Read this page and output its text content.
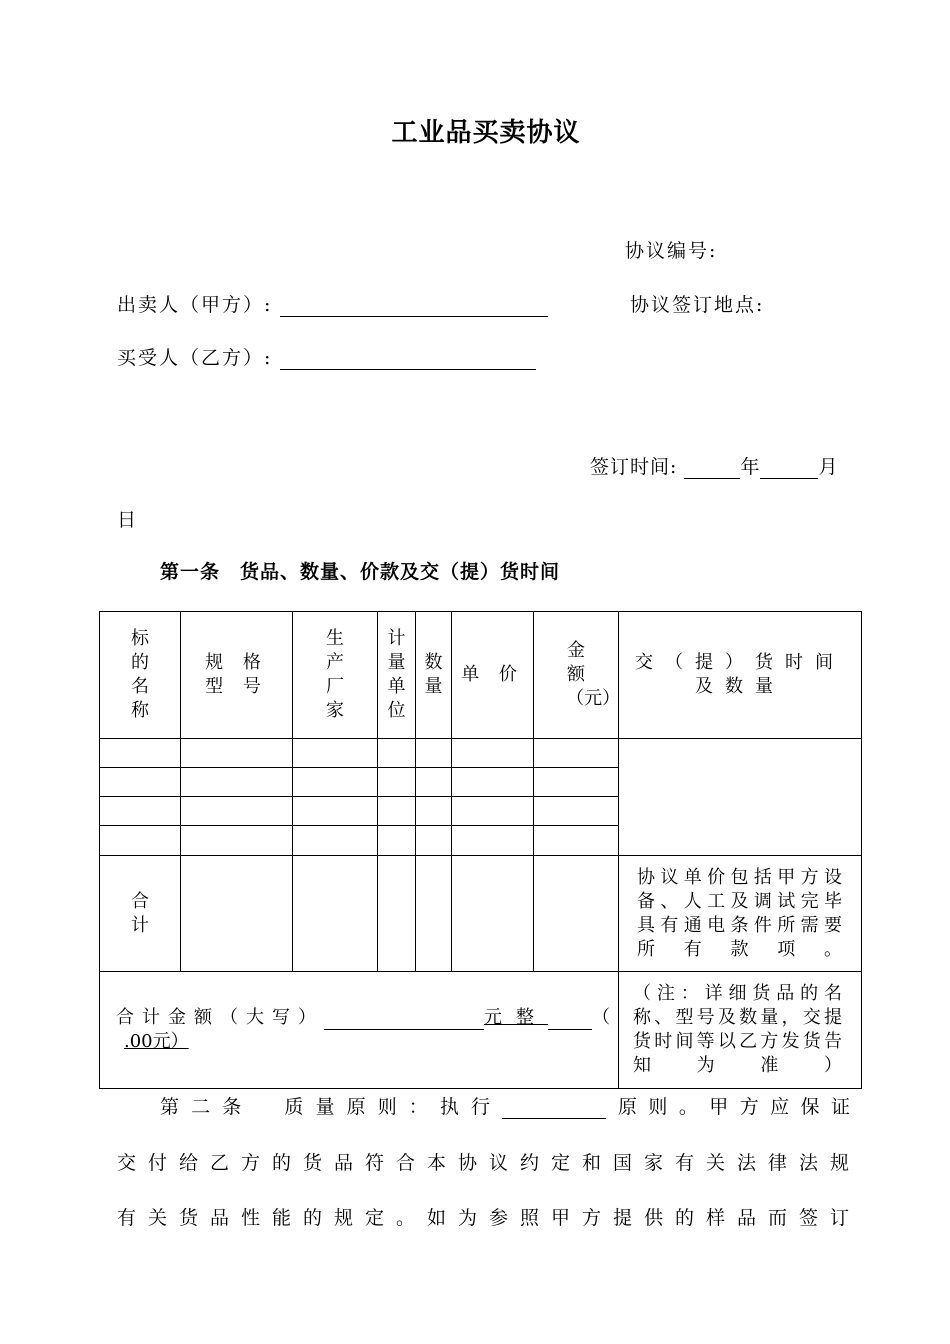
工业品买卖协议
协议编号:
出卖人（甲方）:	协议签订地点:
买受人（乙方）:
签订时间:	年	月
日
第一条　货品、数量、价款及交（提）货时间
标的名称	规 格 型 号	生产厂家	计量单位	数量	单 价	金额（元）	交（提）货时间及数量

合计							协议单价包括甲方设备、人工及调试完毕具有通电条件所需要所有款项。

合计金额（大写） 元整 （
.00元）							（注：详细货品的名称、型号及数量，交提货时间等以乙方发货告知为准）
第二条　质量原则：执行	原则。甲方应保证
交付给乙方的货品符合本协议约定和国家有关法律法规
有关货品性能的规定。如为参照甲方提供的样品而签订
